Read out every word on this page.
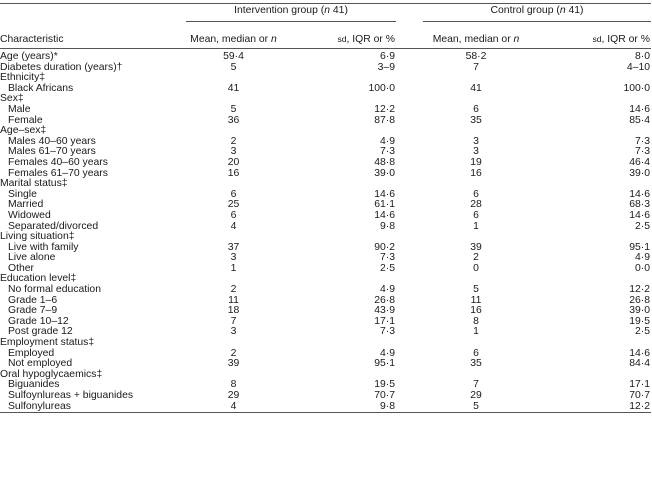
	Intervention group (n 41)			Control group (n 41)	
Characteristic	Mean, median or n	sd, IQR or %		Mean, median or n	sd, IQR or %
Age (years)*	59·4	6·9		58·2	8·0
Diabetes duration (years)†	5	3–9		7	4–10
Ethnicity‡					
Black Africans	41	100·0		41	100·0
Sex‡					
Male	5	12·2		6	14·6
Female	36	87·8		35	85·4
Age–sex‡					
Males 40–60 years	2	4·9		3	7·3
Males 61–70 years	3	7·3		3	7·3
Females 40–60 years	20	48·8		19	46·4
Females 61–70 years	16	39·0		16	39·0
Marital status‡					
Single	6	14·6		6	14·6
Married	25	61·1		28	68·3
Widowed	6	14·6		6	14·6
Separated/divorced	4	9·8		1	2·5
Living situation‡					
Live with family	37	90·2		39	95·1
Live alone	3	7·3		2	4·9
Other	1	2·5		0	0·0
Education level‡					
No formal education	2	4·9		5	12·2
Grade 1–6	11	26·8		11	26·8
Grade 7–9	18	43·9		16	39·0
Grade 10–12	7	17·1		8	19·5
Post grade 12	3	7·3		1	2·5
Employment status‡					
Employed	2	4·9		6	14·6
Not employed	39	95·1		35	84·4
Oral hypoglycaemics‡					
Biguanides	8	19·5		7	17·1
Sulfoynlureas + biguanides	29	70·7		29	70·7
Sulfonylureas	4	9·8		5	12·2
